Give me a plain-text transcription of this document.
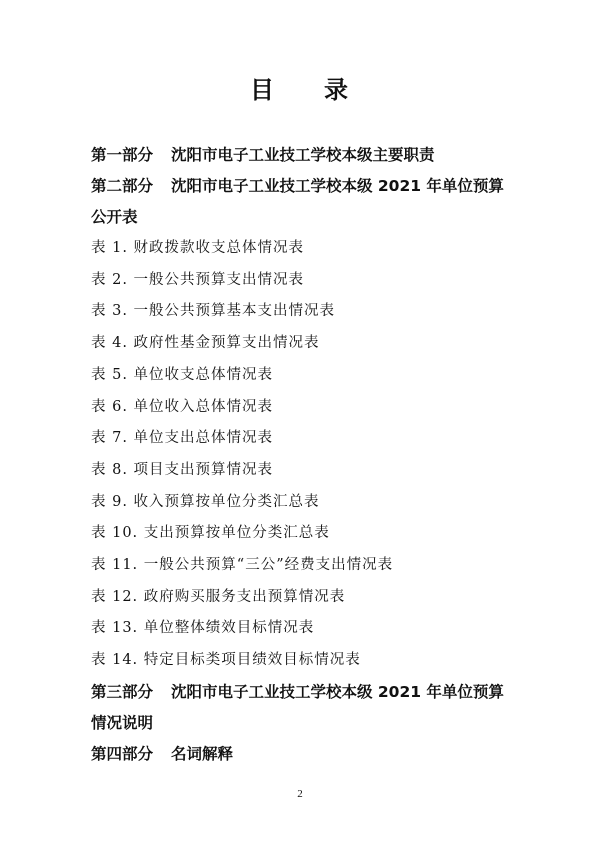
目 录

第一部分 沈阳市电子工业技工学校本级主要职责

第二部分 沈阳市电子工业技工学校本级 2021 年单位预算
公开表

表 1. 财政拨款收支总体情况表

表 2. 一般公共预算支出情况表

表 3. 一般公共预算基本支出情况表

表 4. 政府性基金预算支出情况表

表 5. 单位收支总体情况表

表 6. 单位收入总体情况表

表 7. 单位支出总体情况表

表 8. 项目支出预算情况表

表 9. 收入预算按单位分类汇总表

表 10. 支出预算按单位分类汇总表

表 11. 一般公共预算“三公”经费支出情况表

表 12. 政府购买服务支出预算情况表

表 13. 单位整体绩效目标情况表

表 14. 特定目标类项目绩效目标情况表

第三部分 沈阳市电子工业技工学校本级 2021 年单位预算
情况说明

第四部分 名词解释

2
